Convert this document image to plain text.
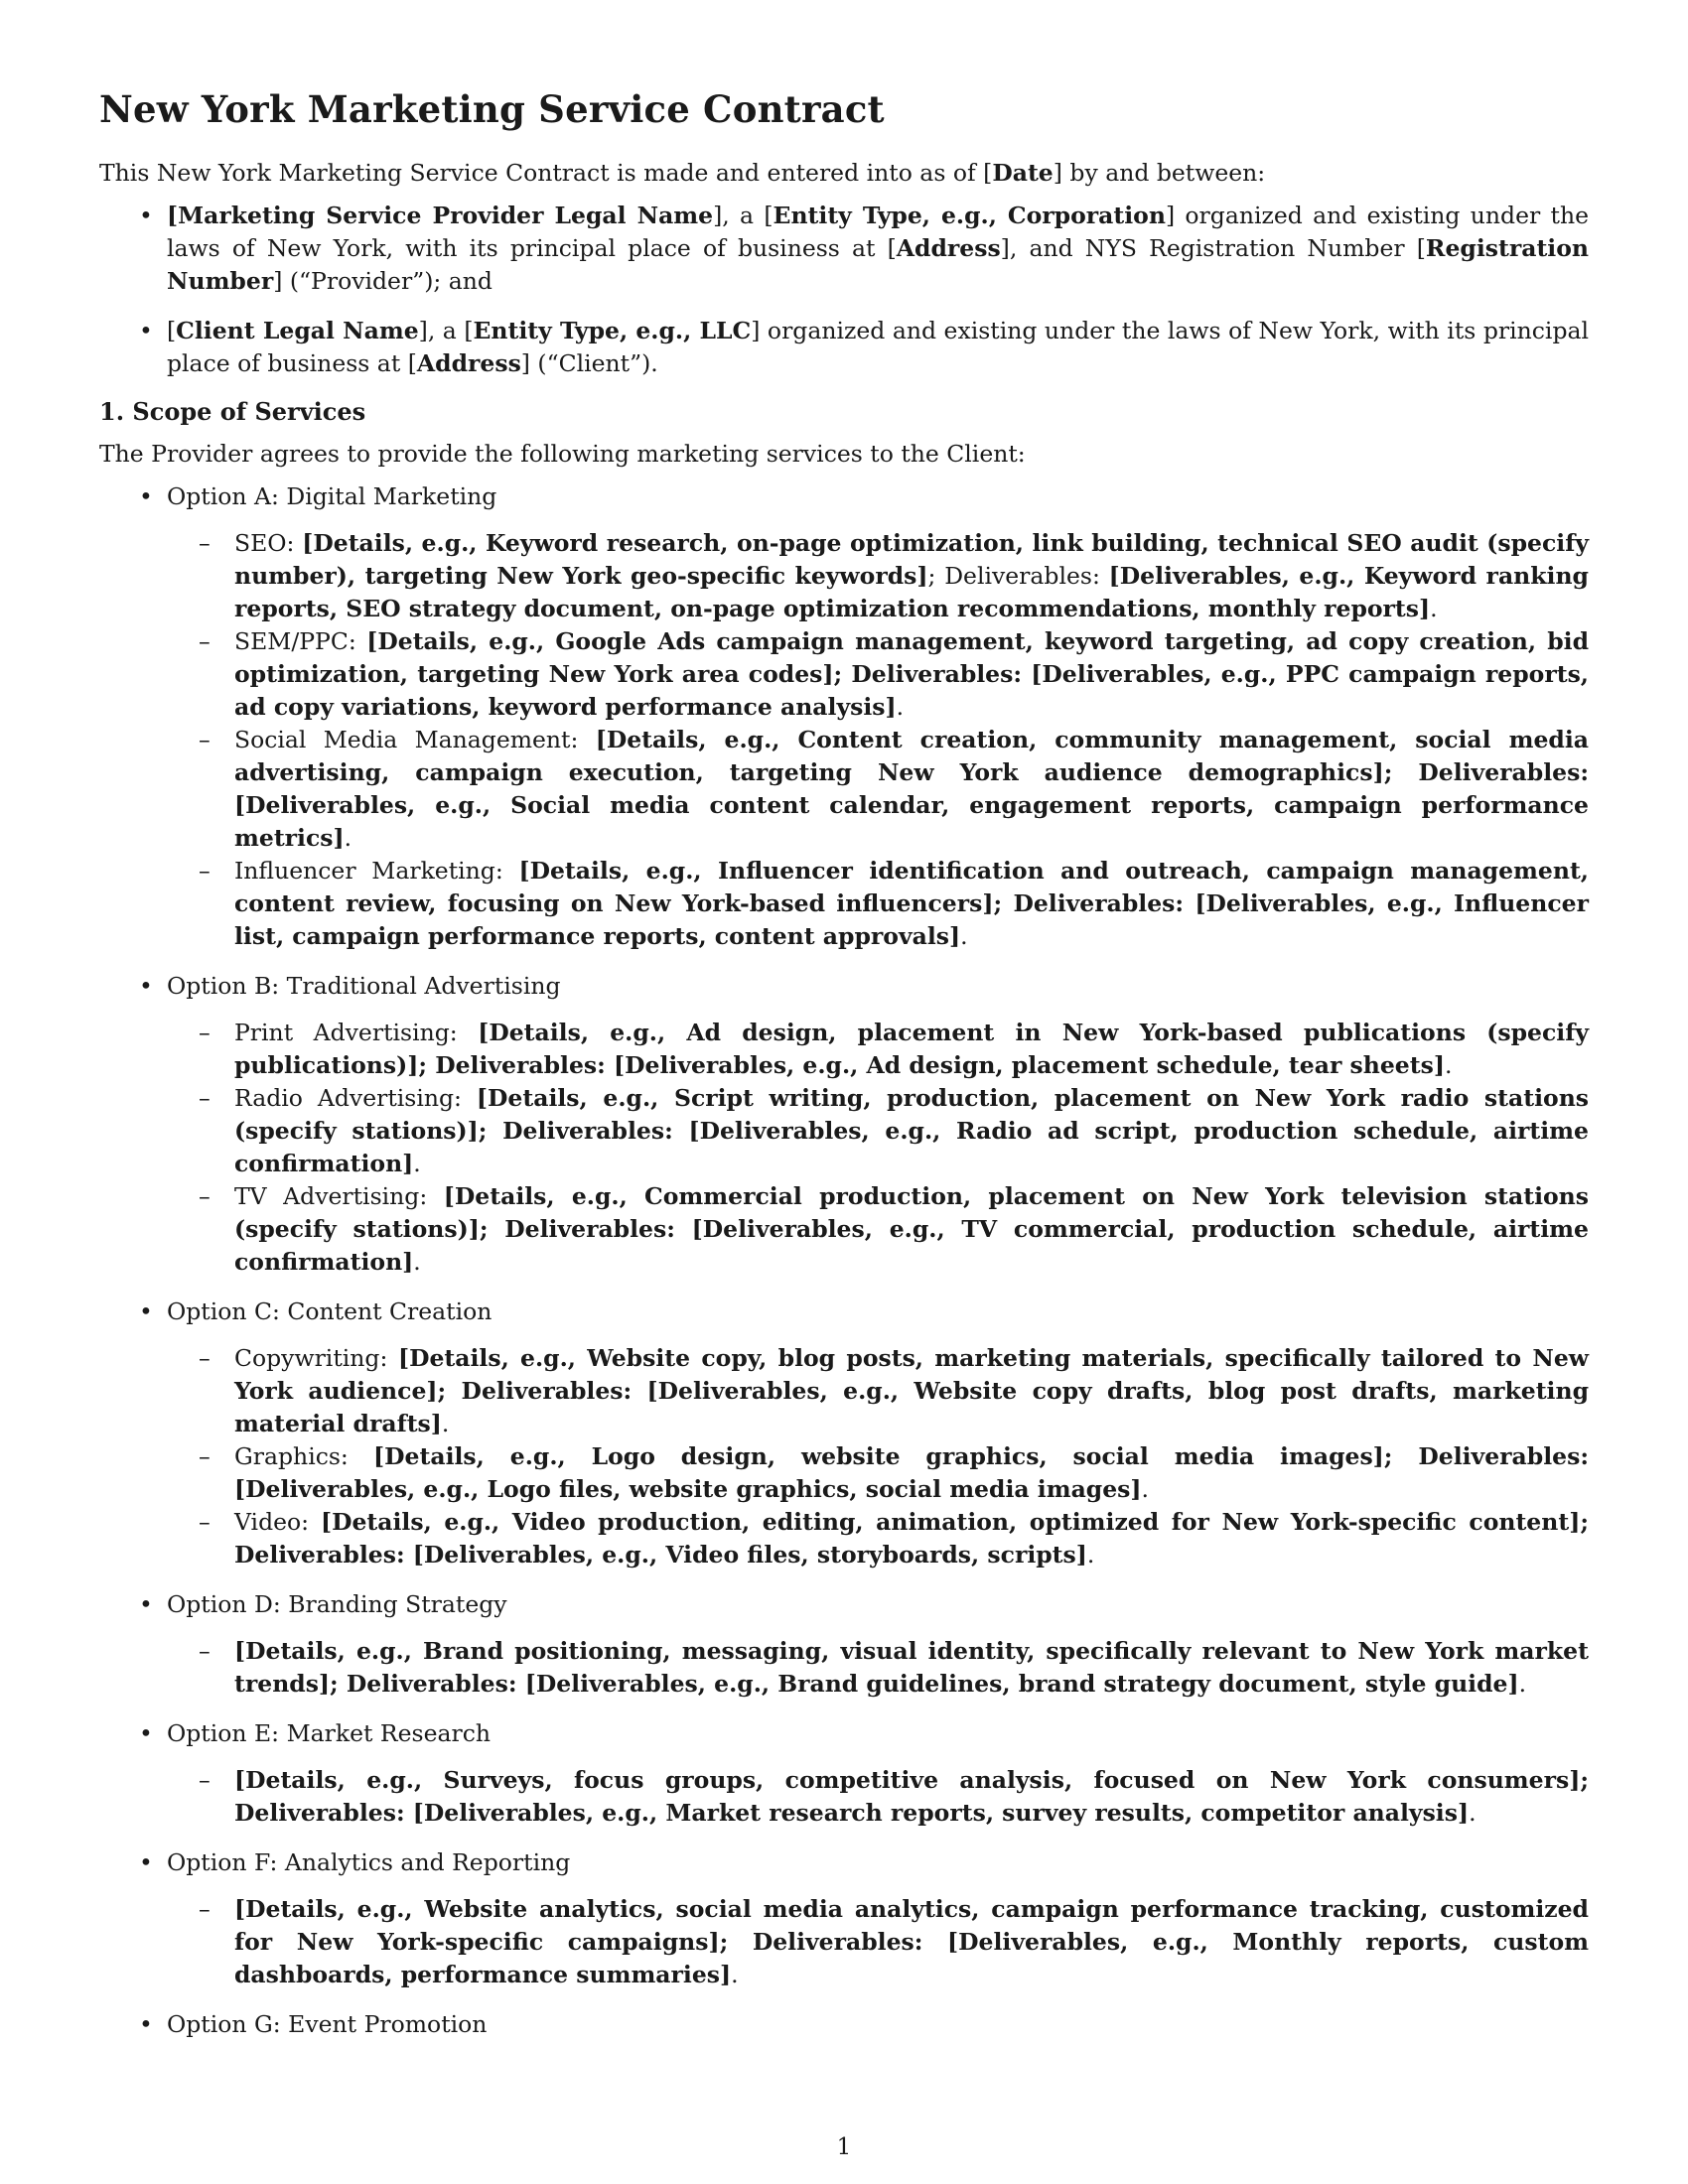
New York Marketing Service Contract

This New York Marketing Service Contract is made and entered into as of [Date] by and between:

• [Marketing Service Provider Legal Name], a [Entity Type, e.g., Corporation] organized and existing under the laws of New York, with its principal place of business at [Address], and NYS Registration Number [Registration Number] (“Provider”); and
• [Client Legal Name], a [Entity Type, e.g., LLC] organized and existing under the laws of New York, with its principal place of business at [Address] (“Client”).
1. Scope of Services

The Provider agrees to provide the following marketing services to the Client:

• Option A: Digital Marketing
– SEO: [Details, e.g., Keyword research, on-page optimization, link building, technical SEO audit (specify number), targeting New York geo-specific keywords]; Deliverables: [Deliverables, e.g., Keyword ranking reports, SEO strategy document, on-page optimization recommendations, monthly reports].
– SEM/PPC: [Details, e.g., Google Ads campaign management, keyword targeting, ad copy creation, bid optimization, targeting New York area codes]; Deliverables: [Deliverables, e.g., PPC campaign reports, ad copy variations, keyword performance analysis].
– Social Media Management: [Details, e.g., Content creation, community management, social media advertising, campaign execution, targeting New York audience demographics]; Deliverables: [Deliverables, e.g., Social media content calendar, engagement reports, campaign performance metrics].
– Influencer Marketing: [Details, e.g., Influencer identification and outreach, campaign management, content review, focusing on New York-based influencers]; Deliverables: [Deliverables, e.g., Influencer list, campaign performance reports, content approvals].
• Option B: Traditional Advertising
– Print Advertising: [Details, e.g., Ad design, placement in New York-based publications (specify publications)]; Deliverables: [Deliverables, e.g., Ad design, placement schedule, tear sheets].
– Radio Advertising: [Details, e.g., Script writing, production, placement on New York radio stations (specify stations)]; Deliverables: [Deliverables, e.g., Radio ad script, production schedule, airtime confirmation].
– TV Advertising: [Details, e.g., Commercial production, placement on New York television stations (specify stations)]; Deliverables: [Deliverables, e.g., TV commercial, production schedule, airtime confirmation].
• Option C: Content Creation
– Copywriting: [Details, e.g., Website copy, blog posts, marketing materials, specifically tailored to New York audience]; Deliverables: [Deliverables, e.g., Website copy drafts, blog post drafts, marketing material drafts].
– Graphics: [Details, e.g., Logo design, website graphics, social media images]; Deliverables: [Deliverables, e.g., Logo files, website graphics, social media images].
– Video: [Details, e.g., Video production, editing, animation, optimized for New York-specific content]; Deliverables: [Deliverables, e.g., Video files, storyboards, scripts].
• Option D: Branding Strategy
– [Details, e.g., Brand positioning, messaging, visual identity, specifically relevant to New York market trends]; Deliverables: [Deliverables, e.g., Brand guidelines, brand strategy document, style guide].
• Option E: Market Research
– [Details, e.g., Surveys, focus groups, competitive analysis, focused on New York consumers]; Deliverables: [Deliverables, e.g., Market research reports, survey results, competitor analysis].
• Option F: Analytics and Reporting
– [Details, e.g., Website analytics, social media analytics, campaign performance tracking, customized for New York-specific campaigns]; Deliverables: [Deliverables, e.g., Monthly reports, custom dashboards, performance summaries].
• Option G: Event Promotion
1
